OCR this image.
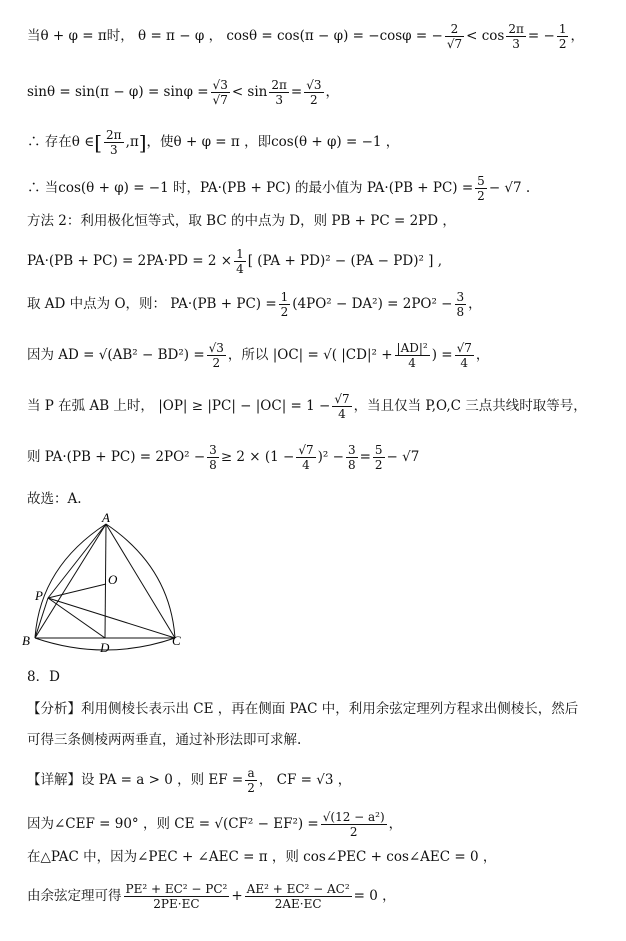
当θ + φ = π时， θ = π − φ ， cosθ = cos(π − φ) = −cosφ = − $\frac{2}{√7} < \cos \frac{2\pi}{3}$ = − $\frac{1}{2}$ ，
$\sin\theta = \sin(\pi - \varphi) = \sin\varphi = \frac{√3}{√7} < \sin \frac{2\pi}{3} = \frac{√3}{2}$ ，
∴ 存在θ ∈[ $\frac{2\pi}{3} ,\pi$]，使θ + φ = π ，即cos(θ + φ) = −1 ，
∴ 当cos(θ + φ) = −1 时，PA·(PB + PC) 的最小值为 $PA\cdot(PB + PC) = \frac{5}{2} - √7$ .
方法 2：利用极化恒等式，取 BC 的中点为 D，则 PB + PC = 2PD ，
$PA\cdot(PB + PC) = 2PA\cdot PD = 2 \times \frac{1}{4}$ [ (PA + PD)² − (PA − PD)² ] ,
取 AD 中点为 O，则： $PA\cdot(PB + PC) = \frac{1}{2} (4PO^2 - DA^2) = 2PO^2 - \frac{3}{8}$ ，
因为 AD = $√(AB^2 - BD^2) = \frac{√3}{2}$ ，所以 |OC| = √( $|CD|^2 + \frac{\text{|AD|²}}{4}$ ) = $\frac{√7}{4}$ ，
当 P 在弧 AB 上时， $|OP| \ge |PC| - |OC| = 1 - \frac{√7}{4}$ ，当且仅当 P,O,C 三点共线时取等号，
则 $PA\cdot(PB + PC) = 2PO^2 - \frac{3}{8} \ge 2 \times (1 - \frac{√7}{4} )^2 - \frac{3}{8} = \frac{5}{2} - √7$
故选：A.
A
B	C
D
O
P
8．D
【分析】利用侧棱长表示出 CE ，再在侧面 PAC 中，利用余弦定理列方程求出侧棱长，然后
可得三条侧棱两两垂直，通过补形法即可求解.
【详解】设 PA = a > 0 ，则 EF = $\frac{a}{2}$ ， CF = √3 ，
因为∠CEF = 90° ，则 CE = $√(CF^2 - EF^2) = \frac{\text{√(12 − a²)}}{2}$ ，
在△PAC 中，因为∠PEC + ∠AEC = π ，则 cos∠PEC + cos∠AEC = 0 ，
由余弦定理可得 $\frac{\text{PE² + EC² − PC²}}{2PE\cdot EC} + \frac{\text{AE² + EC² − AC²}}{2AE\cdot EC} = 0$ ，
